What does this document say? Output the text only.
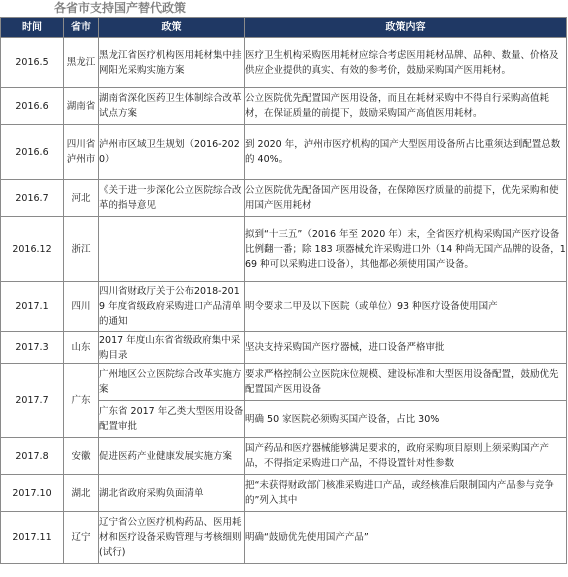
各省市支持国产替代政策
时间	省市	政策	政策内容
2016.5	黑龙江	黑龙江省医疗机构医用耗材集中挂网阳光采购实施方案	医疗卫生机构采购医用耗材应综合考虑医用耗材品牌、品种、数量、价格及供应企业提供的真实、有效的参考价，鼓励采购国产医用耗材。
2016.6	湖南省	湖南省深化医药卫生体制综合改革试点方案	公立医院优先配置国产医用设备，而且在耗材采购中不得自行采购高值耗材，在保证质量的前提下，鼓励采购国产高值医用耗材。
2016.6	四川省泸州市	泸州市区域卫生规划（2016-2020）	到 2020 年，泸州市医疗机构的国产大型医用设备所占比重须达到配置总数的 40%。
2016.7	河北	《关于进一步深化公立医院综合改革的指导意见	公立医院优先配备国产医用设备，在保障医疗质量的前提下，优先采购和使用国产医用耗材
2016.12	浙江		拟到“十三五”（2016 年至 2020 年）末，全省医疗机构采购国产医疗设备比例翻一番；除 183 项器械允许采购进口外（14 种尚无国产品牌的设备，169 种可以采购进口设备），其他都必须使用国产设备。
2017.1	四川	四川省财政厅关于公布2018-2019 年度省级政府采购进口产品清单的通知	明令要求二甲及以下医院（或单位）93 种医疗设备使用国产
2017.3	山东	2017 年度山东省省级政府集中采购目录	坚决支持采购国产医疗器械，进口设备严格审批
2017.7	广东	广州地区公立医院综合改革实施方案	要求严格控制公立医院床位规模、建设标准和大型医用设备配置，鼓励优先配置国产医用设备
		广东省 2017 年乙类大型医用设备配置审批	明确 50 家医院必须购买国产设备，占比 30%
2017.8	安徽	促进医药产业健康发展实施方案	国产药品和医疗器械能够满足要求的，政府采购项目原则上须采购国产产品，不得指定采购进口产品，不得设置针对性参数
2017.10	湖北	湖北省政府采购负面清单	把“未获得财政部门核准采购进口产品，或经核准后限制国内产品参与竞争的”列入其中
2017.11	辽宁	辽宁省公立医疗机构药品、医用耗材和医疗设备采购管理与考核细则(试行)	明确“鼓励优先使用国产产品”
